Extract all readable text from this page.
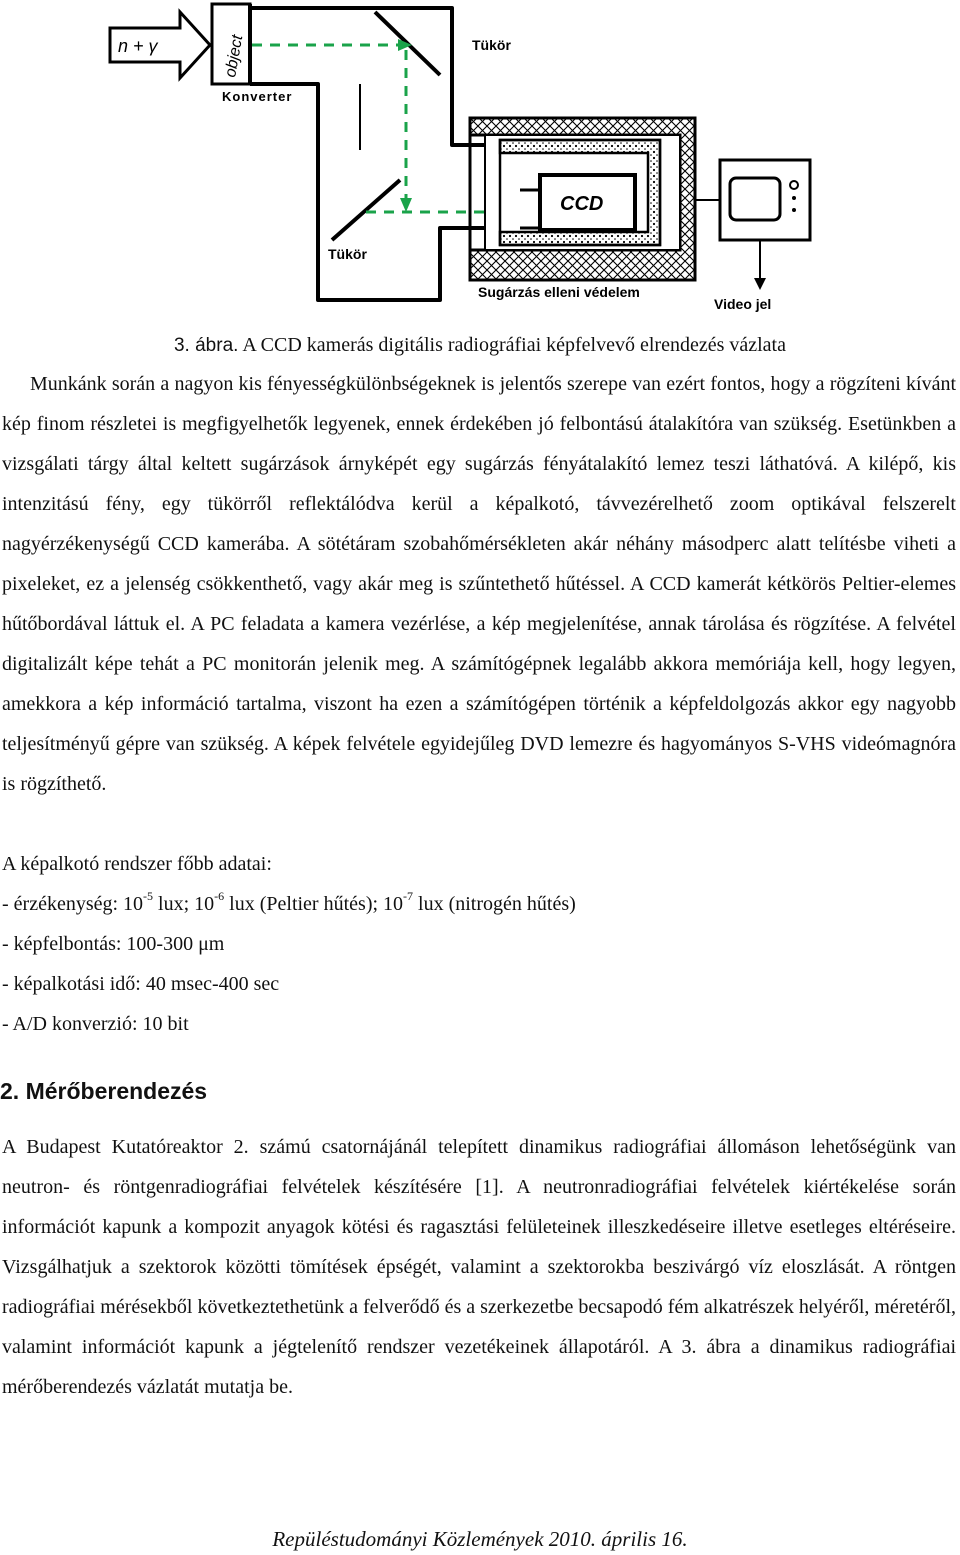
n + γ	object
Konverter
Tükör
Tükör
CCD
Sugárzás elleni védelem
Video jel
3. ábra. A CCD kamerás digitális radiográfiai képfelvevő elrendezés vázlata

Munkánk során a nagyon kis fényességkülönbségeknek is jelentős szerepe van ezért fontos, hogy a rögzíteni kívánt kép finom részletei is megfigyelhetők legyenek, ennek érdekében jó felbontású átalakítóra van szükség. Esetünkben a vizsgálati tárgy által keltett sugárzások árnyképét egy sugárzás fényátalakító lemez teszi láthatóvá. A kilépő, kis intenzitású fény, egy tükörről reflektálódva kerül a képalkotó, távvezérelhető zoom optikával felszerelt nagyérzékenységű CCD kamerába. A sötétáram szobahőmérsékleten akár néhány másodperc alatt telítésbe viheti a pixeleket, ez a jelenség csökkenthető, vagy akár meg is szűntethető hűtéssel. A CCD kamerát kétkörös Peltier-elemes hűtőbordával láttuk el. A PC feladata a kamera vezérlése, a kép megjelenítése, annak tárolása és rögzítése. A felvétel digitalizált képe tehát a PC monitorán jelenik meg. A számítógépnek legalább akkora memóriája kell, hogy legyen, amekkora a kép információ tartalma, viszont ha ezen a számítógépen történik a képfeldolgozás akkor egy nagyobb teljesítményű gépre van szükség. A képek felvétele egyidejűleg DVD lemezre és hagyományos S-VHS videómagnóra is rögzíthető.

A képalkotó rendszer főbb adatai:
- érzékenység: $10^{-5}$ lux; $10^{-6}$ lux (Peltier hűtés); $10^{-7}$ lux (nitrogén hűtés)
- képfelbontás: 100-300 μm
- képalkotási idő: 40 msec-400 sec
- A/D konverzió: 10 bit
2. Mérőberendezés

A Budapest Kutatóreaktor 2. számú csatornájánál telepített dinamikus radiográfiai állomáson lehetőségünk van neutron- és röntgenradiográfiai felvételek készítésére [1]. A neutronradiográfiai felvételek kiértékelése során információt kapunk a kompozit anyagok kötési és ragasztási felületeinek illeszkedéseire illetve esetleges eltéréseire. Vizsgálhatjuk a szektorok közötti tömítések épségét, valamint a szektorokba beszivárgó víz eloszlását. A röntgen radiográfiai mérésekből következtethetünk a felverődő és a szerkezetbe becsapodó fém alkatrészek helyéről, méretéről, valamint információt kapunk a jégtelenítő rendszer vezetékeinek állapotáról. A 3. ábra a dinamikus radiográfiai mérőberendezés vázlatát mutatja be.

Repüléstudományi Közlemények 2010. április 16.
